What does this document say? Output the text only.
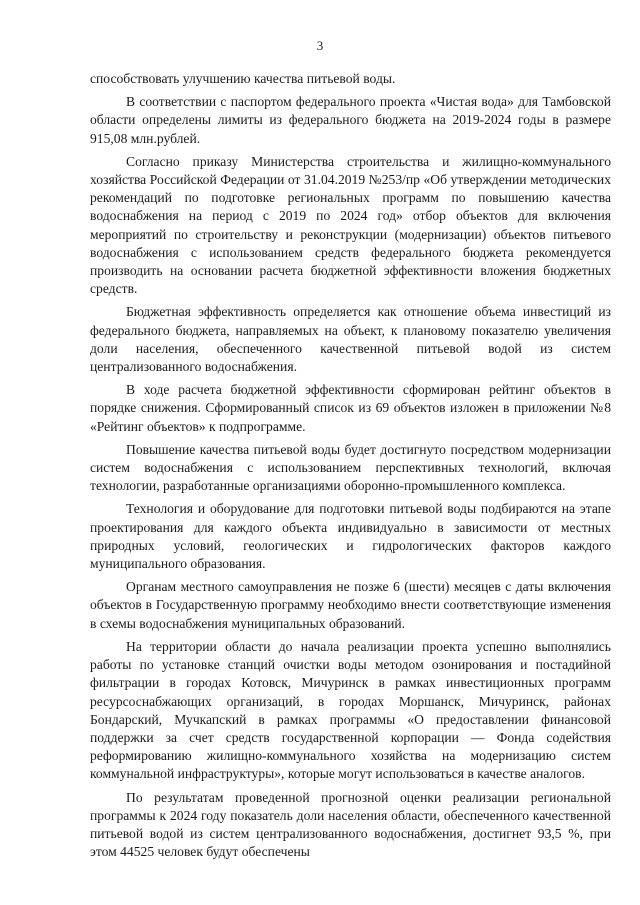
3

способствовать улучшению качества питьевой воды.

В соответствии с паспортом федерального проекта «Чистая вода» для Тамбовской области определены лимиты из федерального бюджета на 2019-2024 годы в размере 915,08 млн.рублей.

Согласно приказу Министерства строительства и жилищно-коммунального хозяйства Российской Федерации от 31.04.2019 №253/пр «Об утверждении методических рекомендаций по подготовке региональных программ по повышению качества водоснабжения на период с 2019 по 2024 год» отбор объектов для включения мероприятий по строительству и реконструкции (модернизации) объектов питьевого водоснабжения с использованием средств федерального бюджета рекомендуется производить на основании расчета бюджетной эффективности вложения бюджетных средств.

Бюджетная эффективность определяется как отношение объема инвестиций из федерального бюджета, направляемых на объект, к плановому показателю увеличения доли населения, обеспеченного качественной питьевой водой из систем централизованного водоснабжения.

В ходе расчета бюджетной эффективности сформирован рейтинг объектов в порядке снижения. Сформированный список из 69 объектов изложен в приложении №8 «Рейтинг объектов» к подпрограмме.

Повышение качества питьевой воды будет достигнуто посредством модернизации систем водоснабжения с использованием перспективных технологий, включая технологии, разработанные организациями оборонно-промышленного комплекса.

Технология и оборудование для подготовки питьевой воды подбираются на этапе проектирования для каждого объекта индивидуально в зависимости от местных природных условий, геологических и гидрологических факторов каждого муниципального образования.

Органам местного самоуправления не позже 6 (шести) месяцев с даты включения объектов в Государственную программу необходимо внести соответствующие изменения в схемы водоснабжения муниципальных образований.

На территории области до начала реализации проекта успешно выполнялись работы по установке станций очистки воды методом озонирования и постадийной фильтрации в городах Котовск, Мичуринск в рамках инвестиционных программ ресурсоснабжающих организаций, в городах Моршанск, Мичуринск, районах Бондарский, Мучкапский в рамках программы «О предоставлении финансовой поддержки за счет средств государственной корпорации — Фонда содействия реформированию жилищно-коммунального хозяйства на модернизацию систем коммунальной инфраструктуры», которые могут использоваться в качестве аналогов.

По результатам проведенной прогнозной оценки реализации региональной программы к 2024 году показатель доли населения области, обеспеченного качественной питьевой водой из систем централизованного водоснабжения, достигнет 93,5 %, при этом 44525 человек будут обеспечены
